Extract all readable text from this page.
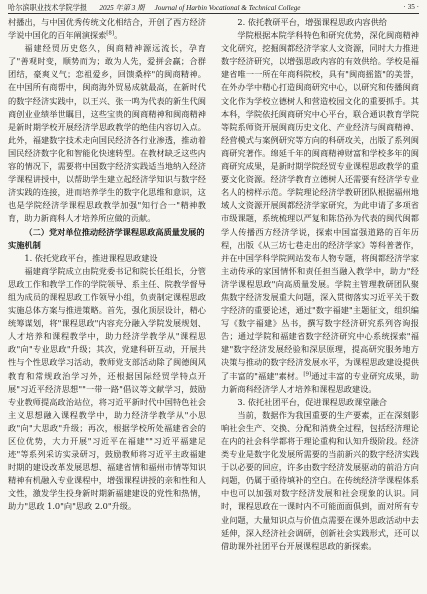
哈尔滨职业技术学院学报 2025 年第 3 期 Journal of Harbin Vocational & Technical College	· 35 ·

村播出，与中国优秀传统文化相结合，开创了西方经济学说中国化的百年阐演探索[8]。

福建经贸历史悠久，闽商精神源远流长，孕育了"善观时变，顺势而为；敢为人先，爱拼会赢；合群团结，豪爽义气；恋祖爱乡，回馈桑梓"的闽商精神。在中国所有商帮中，闽商海外贸易成就最高，在新时代的数字经济实践中，以王兴、张一鸣为代表的新生代闽商创业业绩举世瞩目，这些宝贵的闽商精神和闽商精神是新时期学校开展经济学思政教学的绝佳内容切入点。此外，福建数字技术走向国民经济各行业渗透，推动着国民经济数字化和智能化快速转型。在教材缺乏这些内容的情况下，需要将中国数字经济实践适当地纳入经济学课程讲授中，以帮助学生建立起经济学知识与数字经济实践的连接，进而培养学生的数字化思维和意识，这也是学院经济学课程思政教学加强"知行合一"精神教育，助力新商科人才培养所应做的贡献。

（二）党对单位推动经济学课程思政高质量发展的实施机制
1. 依托党政平台，推进课程思政建设

福建商学院成立由院党委书记和院长任组长，分管思政工作和教学工作的学院领导、系主任、院教学督导组为成员的课程思政工作领导小组，负责制定课程思政实施总体方案与推进策略。首先，强化顶层设计，精心统筹谋划，将"课程思政"内容充分融入学院发展规划、人才培养和课程教学中，助力经济学教学从"课程思政"向"专业思政"升级；其次，党建科研互动，开展共性与个性思政学习活动，教师党支部活动除了闽德闽风教育和常规政治学习外，还根据国际经贸学特点开展"习近平经济思想""一带一路"倡议等文献学习，鼓励专业教师提高政治站位，将习近平新时代中国特色社会主义思想融入课程教学中，助力经济学教学从"小思政"向"大思政"升级；再次，根据学校所处福建省会的区位优势，大力开展"习近平在福建""习近平福建足迹"等系列采访实录研习，鼓励教师将习近平主政福建时期的建设改革发展思想、福建省情和福州市情等知识精神有机融入专业课程中，增强课程讲授的亲和性和人文性，激发学生投身新时期新福建建设的党性和热情，助力"思政 1.0"向"思政 2.0"升级。

2. 依托教研平台，增强课程思政内容供给

学院根据本院学科特色和研究优势，深化闽商精神文化研究，挖掘闽都经济学家人文资源，同时大力推进数字经济研究，以增强思政内容的有效供给。学校是福建省唯一一所在年商科院校，具有"闽商摇篮"的美誉，在外办学中精心打造闽商研究中心，以研究和传播闽商文化作为学校立德树人和营造校园文化的重要抓手。其本科，学院依托闽商研究中心平台，联合通识教育学院等院系师资开展闽商历史文化、产业经济与闽商精神、经营模式与案例研究等方向的科研攻关，出版了系列闽商研究著作。绵延千年的闽商精神财富和学校多年的闽商研究成果，是新时期学院经贸专业课程思政教学的重要文化资源。经济学教育立德树人还需要有经济学专业名人的榜样示范。学院理论经济学教研团队根据福州地域人文资源开展闽都经济学家研究，为此申请了多项省市级课题，系统梳理以严复和陈岱孙为代表的闽代闽都学人传播西方经济学说，探索中国富强道路的百年历程，出版《从三坊七巷走出的经济学家》等科普著作，并在中国学科学院网站发布人物专题，将闽都经济学家主动传承的家国情怀和责任担当融入教学中，助力"经济学课程思政"向高质量发展。学院主管理教研团队聚焦数字经济发展重大问题，深入贯彻落实习近平关于数字经济的重要论述，通过"数字福建"主题征文，组织编写《数字福建》丛书，撰写数字经济研究系列咨询报告；通过学院和福建省数字经济研究中心系统探索"福建"数字经济发展经验和深层原理，提高研究服务地方决策与推动的数字经济发展水平，为课程思政建设提供了丰富的"福建"素材。[9]通过丰富的专业研究成果，助力新商科经济学人才培养和课程思政建设。

3. 依托社团平台，促进课程思政课堂融合

当前，数据作为我国重要的生产要素，正在深刻影响社会生产、交换、分配和消费全过程，包括经济理论在内的社会科学都将于理论重构和认知升级阶段。经济类专业是数字化发展所需要的当前新兴的数字经济实践于以必要的回应，许多由数字经济发展驱动的前沿方向问题，仍属于亟待填补的空白。在传统经济学课程体系中也可以加强对数字经济发展和社会现象的认识。同时，课程思政在一课时内不可能面面俱到，面对所有专业问题，大量知识点与价值点需要在课外思政活动中去延伸，深入经济社会调研，创新社会实践形式，还可以借助课外社团平台开展课程思政的新探索。
